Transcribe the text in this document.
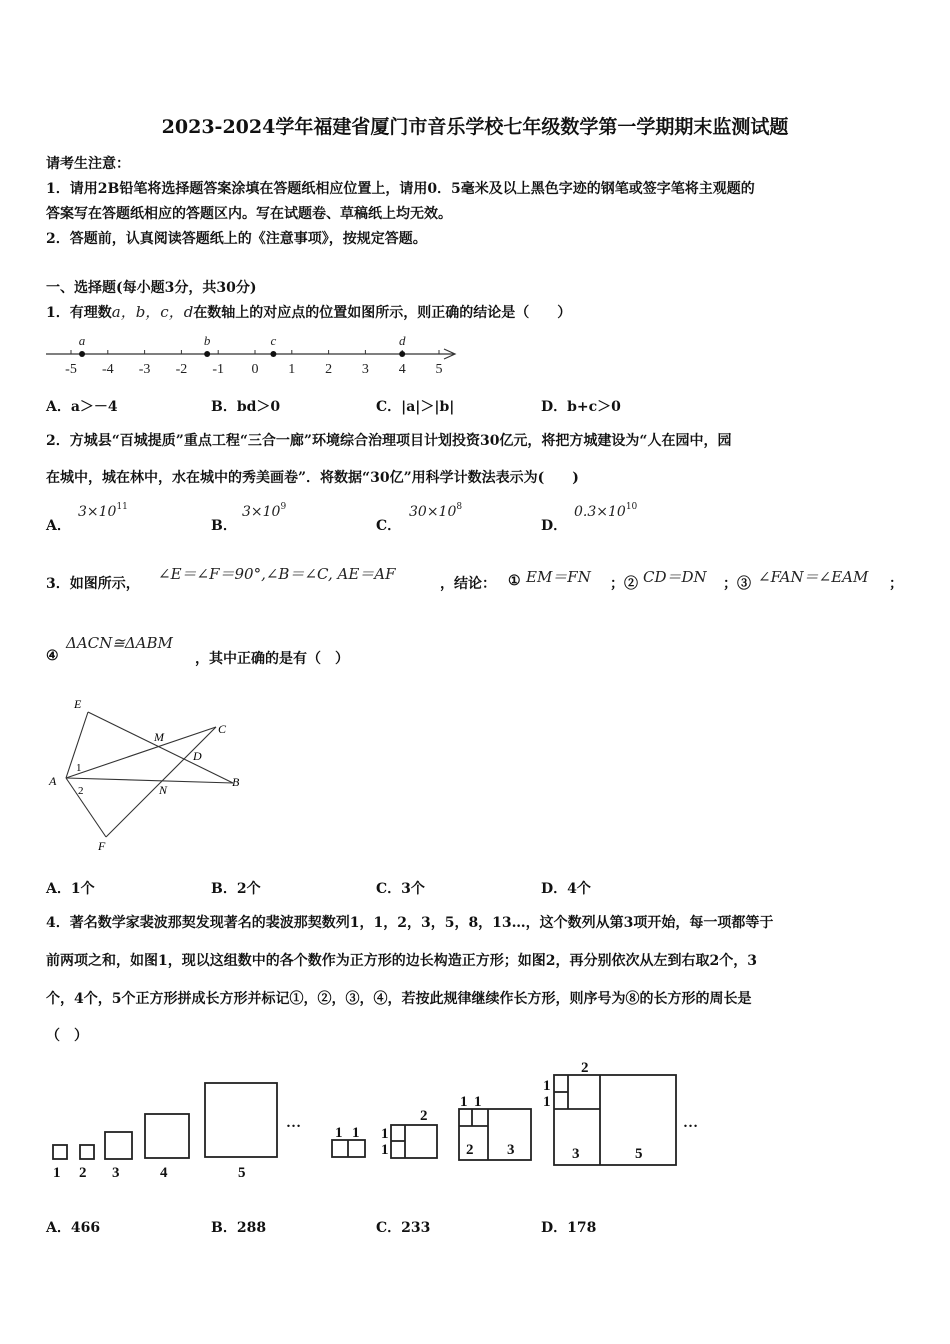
2023-2024学年福建省厦门市音乐学校七年级数学第一学期期末监测试题
请考生注意：
1．请用2B铅笔将选择题答案涂填在答题纸相应位置上，请用0．5毫米及以上黑色字迹的钢笔或签字笔将主观题的
答案写在答题纸相应的答题区内。写在试题卷、草稿纸上均无效。
2．答题前，认真阅读答题纸上的《注意事项》，按规定答题。
一、选择题(每小题3分，共30分)
1．有理数a，b，c，d在数轴上的对应点的位置如图所示，则正确的结论是（　　）
-5 -4 -3 -2 -1 0 1 2 3 4 5
a	b	c	d
A．a＞－4	B．bd＞0	C．|a|＞|b|	D．b+c＞0
2．方城县“百城提质”重点工程“三合一廊”环境综合治理项目计划投资30亿元，将把方城建设为“人在园中，园
在城中，城在林中，水在城中的秀美画卷”．将数据“30亿”用科学计数法表示为(　　)
A．
$3\times 10^{11}$
B．
$3\times 10^9$
C．
$30\times 10^8$
D．
$0.3\times 10^{10}$
3．如图所示，
∠E＝∠F＝90°,∠B＝∠C, AE＝AF
，结论： ① EM＝FN ；② CD＝DN ；③ ∠FAN＝∠EAM ；
④
ΔACN≅ΔABM
，其中正确的是有（　）
E
A
F
M
C
D
B
N
1
2
A．1个	B．2个	C．3个	D．4个
4．著名数学家裴波那契发现著名的裴波那契数列1，1，2，3，5，8，13…，这个数列从第3项开始，每一项都等于
前两项之和，如图1，现以这组数中的各个数作为正方形的边长构造正方形；如图2，再分别依次从左到右取2个，3
个，4个，5个正方形拼成长方形并标记①，②，③，④，若按此规律继续作长方形，则序号为⑧的长方形的周长是
（　）
1 2 3	4	5
…
1 1 1
1
2
1 1
2 3
2
1
1
3	5
…
A．466	B．288	C．233	D．178
